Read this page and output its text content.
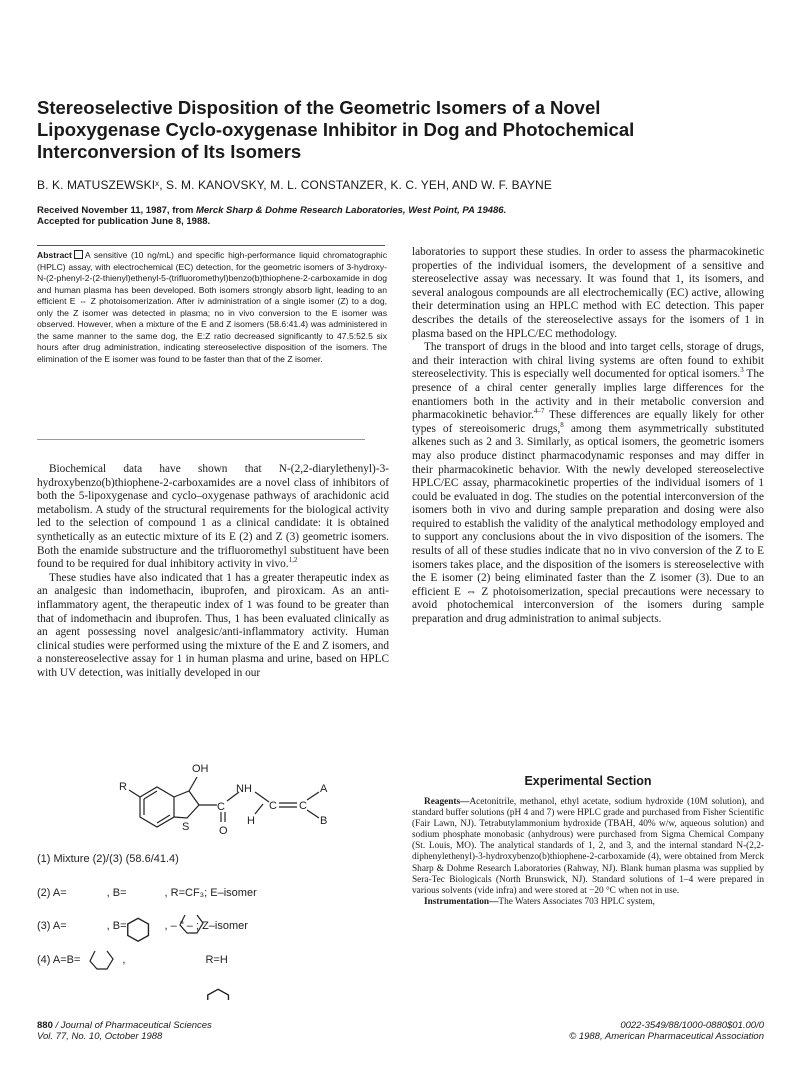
Stereoselective Disposition of the Geometric Isomers of a Novel Lipoxygenase Cyclo-oxygenase Inhibitor in Dog and Photochemical Interconversion of Its Isomers
B. K. MATUSZEWSKIˣ, S. M. KANOVSKY, M. L. CONSTANZER, K. C. YEH, AND W. F. BAYNE
Received November 11, 1987, from Merck Sharp & Dohme Research Laboratories, West Point, PA 19486.
Accepted for publication June 8, 1988.
Abstract A sensitive (10 ng/mL) and specific high-performance liquid chromatographic (HPLC) assay, with electrochemical (EC) detection, for the geometric isomers of 3-hydroxy-N-(2-phenyl-2-(2-thienyl)ethenyl-5-(trifluoromethyl)benzo(b)thiophene-2-carboxamide in dog and human plasma has been developed. Both isomers strongly absorb light, leading to an efficient E ⇔ Z photoisomerization. After iv administration of a single isomer (Z) to a dog, only the Z isomer was detected in plasma; no in vivo conversion to the E isomer was observed. However, when a mixture of the E and Z isomers (58.6:41.4) was administered in the same manner to the same dog, the E:Z ratio decreased significantly to 47.5:52.5 six hours after drug administration, indicating stereoselective disposition of the isomers. The elimination of the E isomer was found to be faster than that of the Z isomer.

Biochemical data have shown that N-(2,2-diarylethenyl)-3-hydroxybenzo(b)thiophene-2-carboxamides are a novel class of inhibitors of both the 5-lipoxygenase and cyclo–oxygenase pathways of arachidonic acid metabolism. A study of the structural requirements for the biological activity led to the selection of compound 1 as a clinical candidate: it is obtained synthetically as an eutectic mixture of its E (2) and Z (3) geometric isomers. Both the enamide substructure and the trifluoromethyl substituent have been found to be required for dual inhibitory activity in vivo.$^{1,2}$

These studies have also indicated that 1 has a greater therapeutic index as an analgesic than indomethacin, ibuprofen, and piroxicam. As an anti-inflammatory agent, the therapeutic index of 1 was found to be greater than that of indomethacin and ibuprofen. Thus, 1 has been evaluated clinically as an agent possessing novel analgesic/anti-inflammatory activity. Human clinical studies were performed using the mixture of the E and Z isomers, and a nonstereoselective assay for 1 in human plasma and urine, based on HPLC with UV detection, was initially developed in our

OH
R	NH
C	C C
S	O
H
A
B
(1) Mixture (2)/(3) (58.6/41.4)
(2) A=	, B=	, R=CF₃; E–isomer
(3) A=	, B=	, – " – ; Z–isomer
(4) A=B=	,	R=H

laboratories to support these studies. In order to assess the pharmacokinetic properties of the individual isomers, the development of a sensitive and stereoselective assay was necessary. It was found that 1, its isomers, and several analogous compounds are all electrochemically (EC) active, allowing their determination using an HPLC method with EC detection. This paper describes the details of the stereoselective assays for the isomers of 1 in plasma based on the HPLC/EC methodology.

The transport of drugs in the blood and into target cells, storage of drugs, and their interaction with chiral living systems are often found to exhibit stereoselectivity. This is especially well documented for optical isomers.$^3$ The presence of a chiral center generally implies large differences for the enantiomers both in the activity and in their metabolic conversion and pharmacokinetic behavior.$^{4-7}$ These differences are equally likely for other types of stereoisomeric drugs,$^8$ among them asymmetrically substituted alkenes such as 2 and 3. Similarly, as optical isomers, the geometric isomers may also produce distinct pharmacodynamic responses and may differ in their pharmacokinetic behavior. With the newly developed stereoselective HPLC/EC assay, pharmacokinetic properties of the individual isomers of 1 could be evaluated in dog. The studies on the potential interconversion of the isomers both in vivo and during sample preparation and dosing were also required to establish the validity of the analytical methodology employed and to support any conclusions about the in vivo disposition of the isomers. The results of all of these studies indicate that no in vivo conversion of the Z to E isomers takes place, and the disposition of the isomers is stereoselective with the E isomer (2) being eliminated faster than the Z isomer (3). Due to an efficient E ⇔ Z photoisomerization, special precautions were necessary to avoid photochemical interconversion of the isomers during sample preparation and drug administration to animal subjects.

Experimental Section

Reagents—Acetonitrile, methanol, ethyl acetate, sodium hydroxide (10M solution), and standard buffer solutions (pH 4 and 7) were HPLC grade and purchased from Fisher Scientific (Fair Lawn, NJ). Tetrabutylammonium hydroxide (TBAH, 40% w/w, aqueous solution) and sodium phosphate monobasic (anhydrous) were purchased from Sigma Chemical Company (St. Louis, MO). The analytical standards of 1, 2, and 3, and the internal standard N-(2,2-diphenylethenyl)-3-hydroxybenzo(b)thiophene-2-carboxamide (4), were obtained from Merck Sharp & Dohme Research Laboratories (Rahway, NJ). Blank human plasma was supplied by Sera-Tec Biologicals (North Brunswick, NJ). Standard solutions of 1–4 were prepared in various solvents (vide infra) and were stored at −20 °C when not in use.

Instrumentation—The Waters Associates 703 HPLC system,

880 / Journal of Pharmaceutical Sciences
Vol. 77, No. 10, October 1988
0022-3549/88/1000-0880$01.00/0
© 1988, American Pharmaceutical Association
